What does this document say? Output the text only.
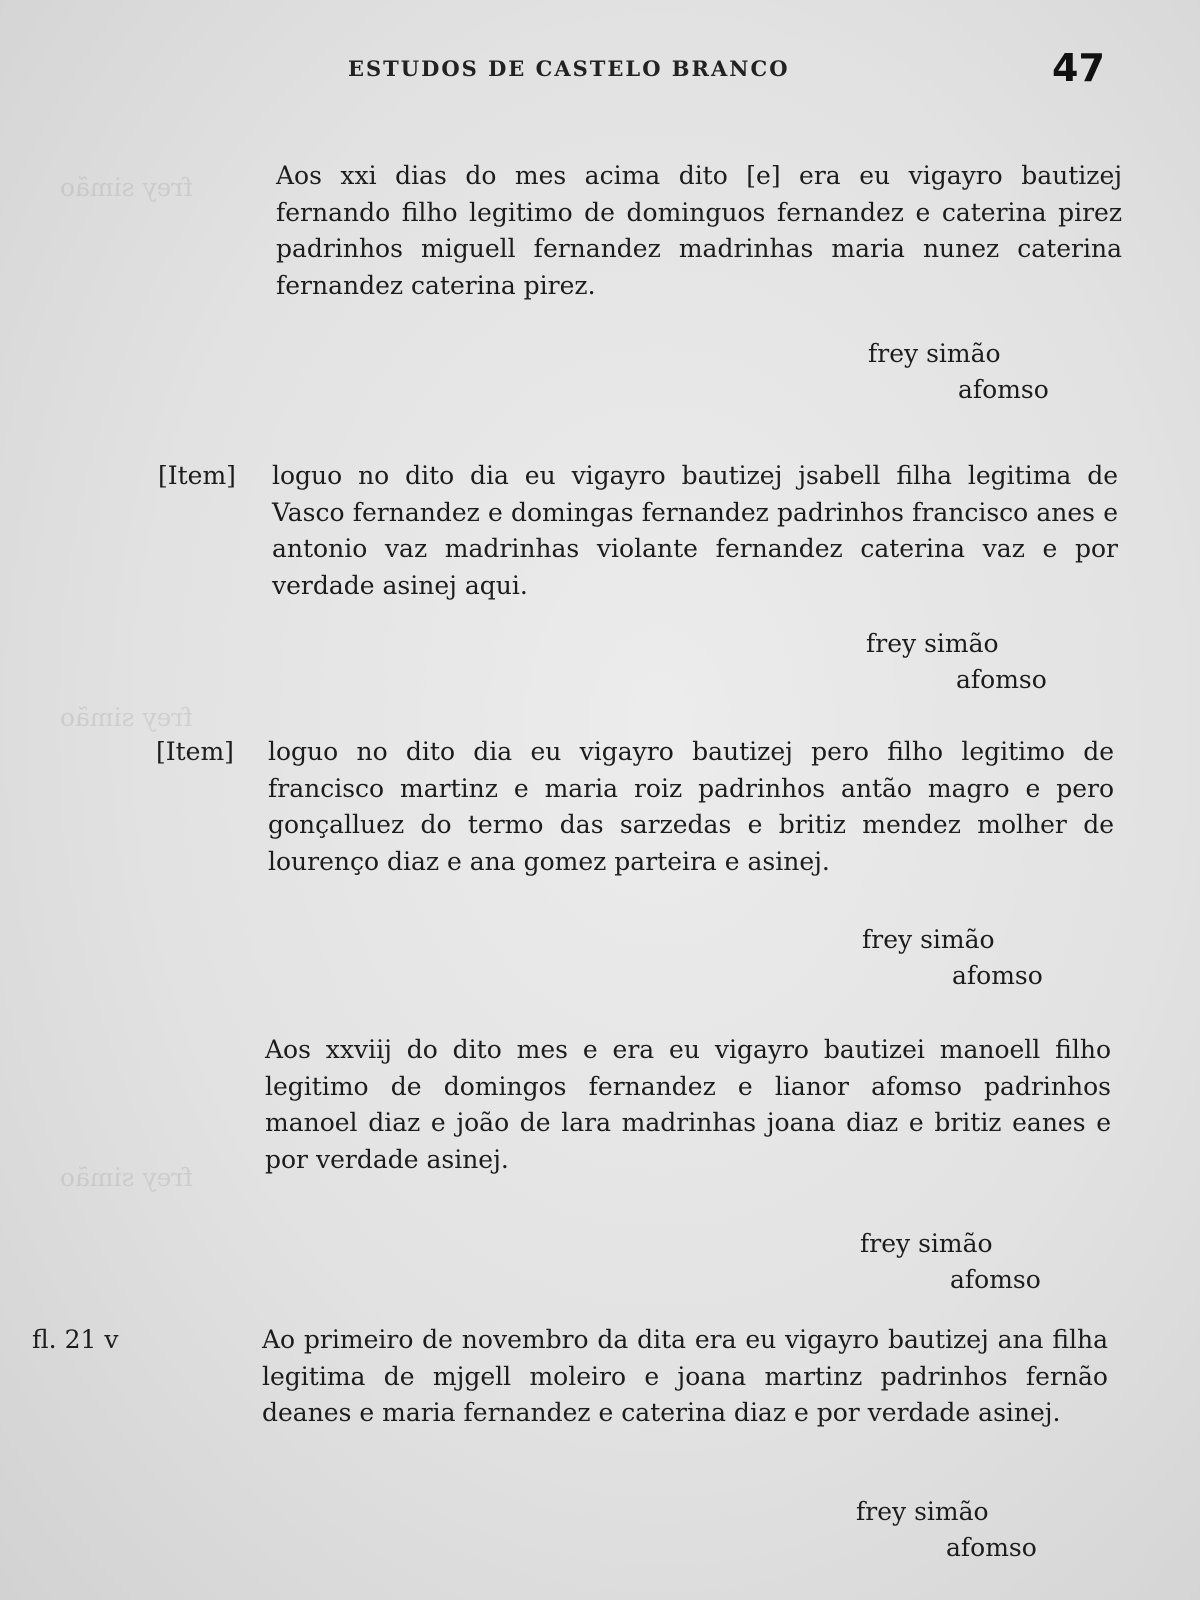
frey simão
frey simão
frey simão
ESTUDOS DE CASTELO BRANCO	47
Aos xxi dias do mes acima dito [e] era eu vigayro bautizej fernando filho legitimo de dominguos fernandez e caterina pirez padrinhos miguell fernandez madrinhas maria nunez caterina fernandez caterina pirez.
frey simão
afomso
[Item] loguo no dito dia eu vigayro bautizej jsabell filha legitima de Vasco fernandez e domingas fernandez padrinhos francisco anes e antonio vaz madrinhas violante fernandez caterina vaz e por verdade asinej aqui.
frey simão
afomso
[Item] loguo no dito dia eu vigayro bautizej pero filho legitimo de francisco martinz e maria roiz padrinhos antão magro e pero gonçalluez do termo das sarzedas e britiz mendez molher de lourenço diaz e ana gomez parteira e asinej.
frey simão
afomso
Aos xxviij do dito mes e era eu vigayro bautizei manoell filho legitimo de domingos fernandez e lianor afomso padrinhos manoel diaz e joão de lara madrinhas joana diaz e britiz eanes e por verdade asinej.
frey simão
afomso
fl. 21 v	Ao primeiro de novembro da dita era eu vigayro bautizej ana filha legitima de mjgell moleiro e joana martinz padrinhos fernão deanes e maria fernandez e caterina diaz e por verdade asinej.
frey simão
afomso
